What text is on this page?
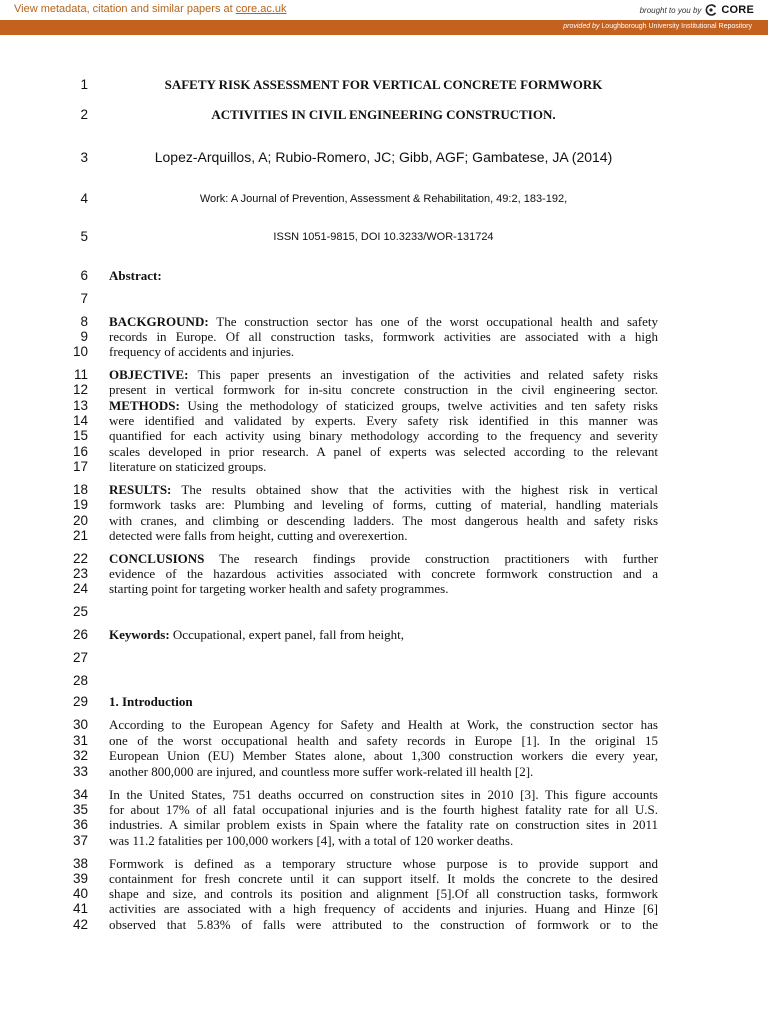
View metadata, citation and similar papers at core.ac.uk	brought to you by CORE
provided by Loughborough University Institutional Repository
1
2
3
4
5
6
7
8
9
10
11
12
13
14
15
16
17
18
19
20
21
22
23
24
25
26
27
28
29
30
31
32
33
34
35
36
37
38
39
40
41
42
SAFETY RISK ASSESSMENT FOR VERTICAL CONCRETE FORMWORK
ACTIVITIES IN CIVIL ENGINEERING CONSTRUCTION.
Lopez-Arquillos, A; Rubio-Romero, JC; Gibb, AGF; Gambatese, JA (2014)
Work: A Journal of Prevention, Assessment & Rehabilitation, 49:2, 183-192,
ISSN 1051-9815, DOI 10.3233/WOR-131724
Abstract:
BACKGROUND: The construction sector has one of the worst occupational health and safety
records in Europe. Of all construction tasks, formwork activities are associated with a high
frequency of accidents and injuries.
OBJECTIVE: This paper presents an investigation of the activities and related safety risks
present in vertical formwork for in-situ concrete construction in the civil engineering sector.
METHODS: Using the methodology of staticized groups, twelve activities and ten safety risks
were identified and validated by experts. Every safety risk identified in this manner was
quantified for each activity using binary methodology according to the frequency and severity
scales developed in prior research. A panel of experts was selected according to the relevant
literature on staticized groups.
RESULTS: The results obtained show that the activities with the highest risk in vertical
formwork tasks are: Plumbing and leveling of forms, cutting of material, handling materials
with cranes, and climbing or descending ladders. The most dangerous health and safety risks
detected were falls from height, cutting and overexertion.
CONCLUSIONS The research findings provide construction practitioners with further
evidence of the hazardous activities associated with concrete formwork construction and a
starting point for targeting worker health and safety programmes.
Keywords: Occupational, expert panel, fall from height,
1. Introduction
According to the European Agency for Safety and Health at Work, the construction sector has
one of the worst occupational health and safety records in Europe [1]. In the original 15
European Union (EU) Member States alone, about 1,300 construction workers die every year,
another 800,000 are injured, and countless more suffer work-related ill health [2].
In the United States, 751 deaths occurred on construction sites in 2010 [3]. This figure accounts
for about 17% of all fatal occupational injuries and is the fourth highest fatality rate for all U.S.
industries. A similar problem exists in Spain where the fatality rate on construction sites in 2011
was 11.2 fatalities per 100,000 workers [4], with a total of 120 worker deaths.
Formwork is defined as a temporary structure whose purpose is to provide support and
containment for fresh concrete until it can support itself. It molds the concrete to the desired
shape and size, and controls its position and alignment [5].Of all construction tasks, formwork
activities are associated with a high frequency of accidents and injuries. Huang and Hinze [6]
observed that 5.83% of falls were attributed to the construction of formwork or to the
